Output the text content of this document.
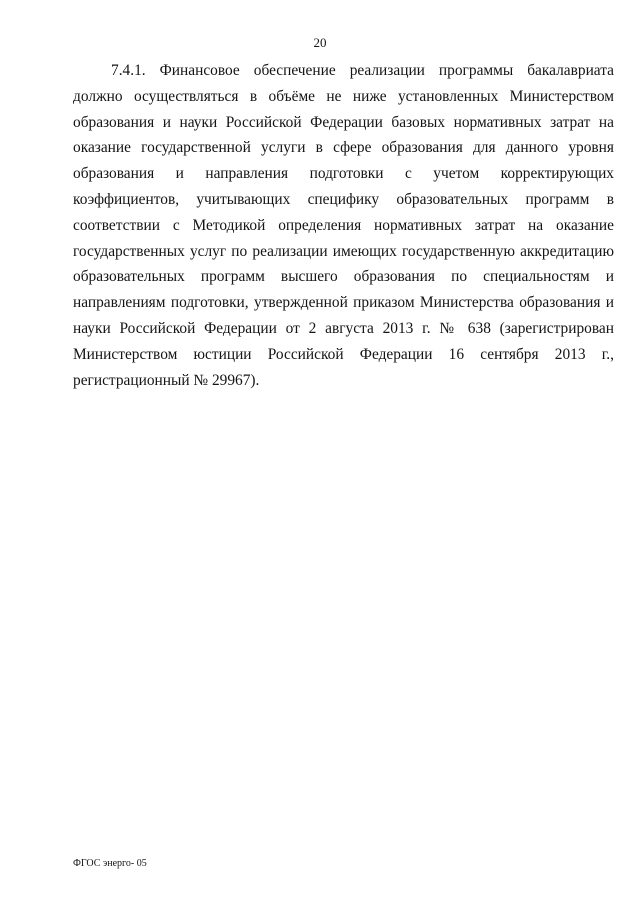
20

7.4.1. Финансовое обеспечение реализации программы бакалавриата должно осуществляться в объёме не ниже установленных Министерством образования и науки Российской Федерации базовых нормативных затрат на оказание государственной услуги в сфере образования для данного уровня образования и направления подготовки с учетом корректирующих коэффициентов, учитывающих специфику образовательных программ в соответствии с Методикой определения нормативных затрат на оказание государственных услуг по реализации имеющих государственную аккредитацию образовательных программ высшего образования по специальностям и направлениям подготовки, утвержденной приказом Министерства образования и науки Российской Федерации от 2 августа 2013 г. № 638 (зарегистрирован Министерством юстиции Российской Федерации 16 сентября 2013 г., регистрационный № 29967).

ФГОС энерго- 05
